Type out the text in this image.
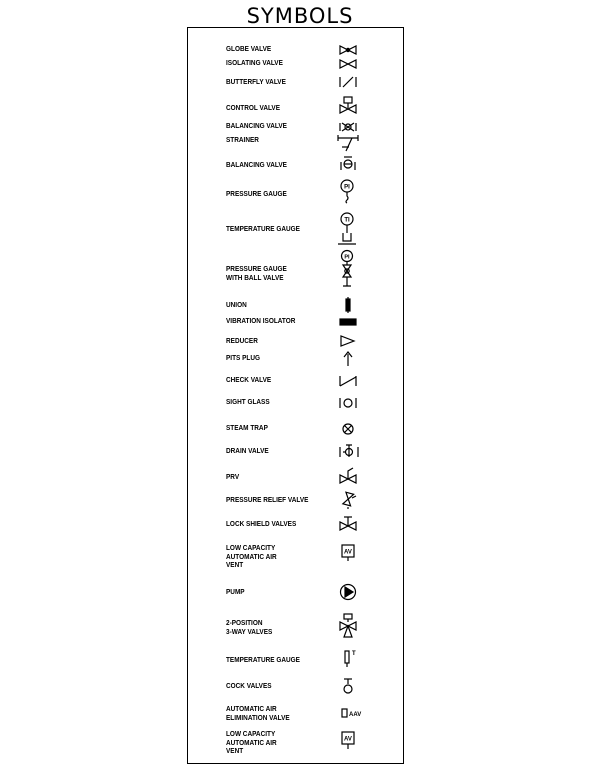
SYMBOLS
GLOBE VALVE
ISOLATING VALVE
BUTTERFLY VALVE
CONTROL VALVE
BALANCING VALVE
STRAINER
BALANCING VALVE
PRESSURE GAUGE
TEMPERATURE GAUGE
PRESSURE GAUGE
WITH BALL VALVE
UNION
VIBRATION ISOLATOR
REDUCER
PITS PLUG
CHECK VALVE
SIGHT GLASS
STEAM TRAP
DRAIN VALVE
PRV
PRESSURE RELIEF VALVE
LOCK SHIELD VALVES
LOW CAPACITY
AUTOMATIC AIR
VENT
PUMP
2-POSITION
3-WAY VALVES
TEMPERATURE GAUGE
COCK VALVES
AUTOMATIC AIR
ELIMINATION VALVE
LOW CAPACITY
AUTOMATIC AIR
VENT
PI
TI
PI
AV
T
AAV
AV
